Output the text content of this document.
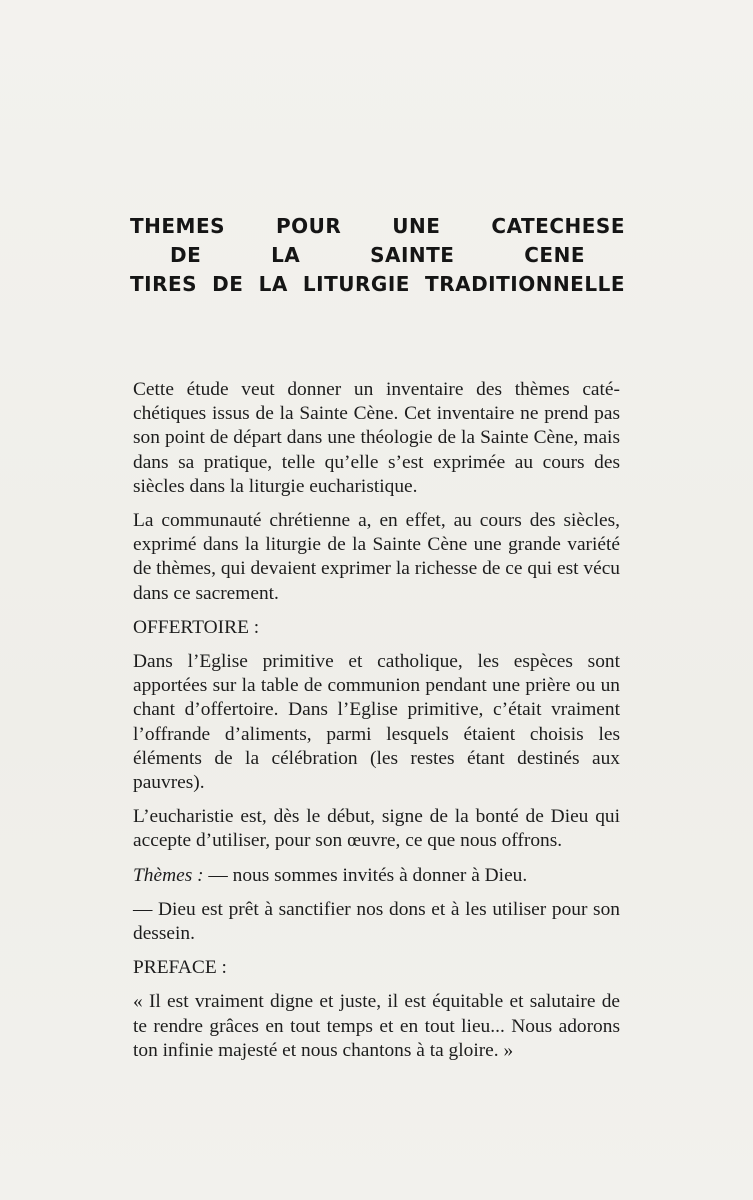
THEMES POUR UNE CATECHESE
DE LA SAINTE CENE
TIRES DE LA LITURGIE TRADITIONNELLE

Cette étude veut donner un inventaire des thèmes caté-chétiques issus de la Sainte Cène. Cet inventaire ne prend pas son point de départ dans une théologie de la Sainte Cène, mais dans sa pratique, telle qu’elle s’est exprimée au cours des siècles dans la liturgie eucharistique.

La communauté chrétienne a, en effet, au cours des siècles, exprimé dans la liturgie de la Sainte Cène une grande variété de thèmes, qui devaient exprimer la richesse de ce qui est vécu dans ce sacrement.

OFFERTOIRE :

Dans l’Eglise primitive et catholique, les espèces sont apportées sur la table de communion pendant une prière ou un chant d’offertoire. Dans l’Eglise primitive, c’était vraiment l’offrande d’aliments, parmi lesquels étaient choisis les éléments de la célébration (les restes étant destinés aux pauvres).

L’eucharistie est, dès le début, signe de la bonté de Dieu qui accepte d’utiliser, pour son œuvre, ce que nous offrons.

Thèmes : — nous sommes invités à donner à Dieu.

— Dieu est prêt à sanctifier nos dons et à les utiliser pour son dessein.

PREFACE :

« Il est vraiment digne et juste, il est équitable et salutaire de te rendre grâces en tout temps et en tout lieu... Nous adorons ton infinie majesté et nous chantons à ta gloire. »
